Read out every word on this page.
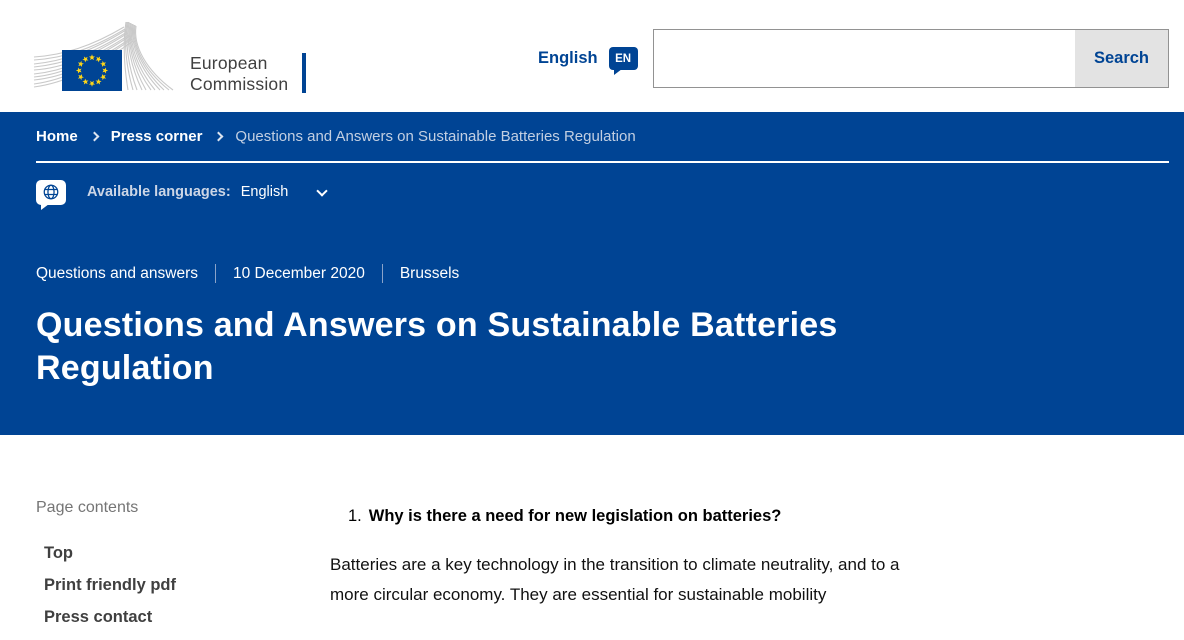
European
Commission
English	EN	Search
Home Press corner Questions and Answers on Sustainable Batteries Regulation
Available languages: English
Questions and answers 10 December 2020 Brussels
Questions and Answers on Sustainable Batteries Regulation
Page contents
Top
Print friendly pdf
Press contact
1. Why is there a need for new legislation on batteries?

Batteries are a key technology in the transition to climate neutrality, and to a more circular economy. They are essential for sustainable mobility
